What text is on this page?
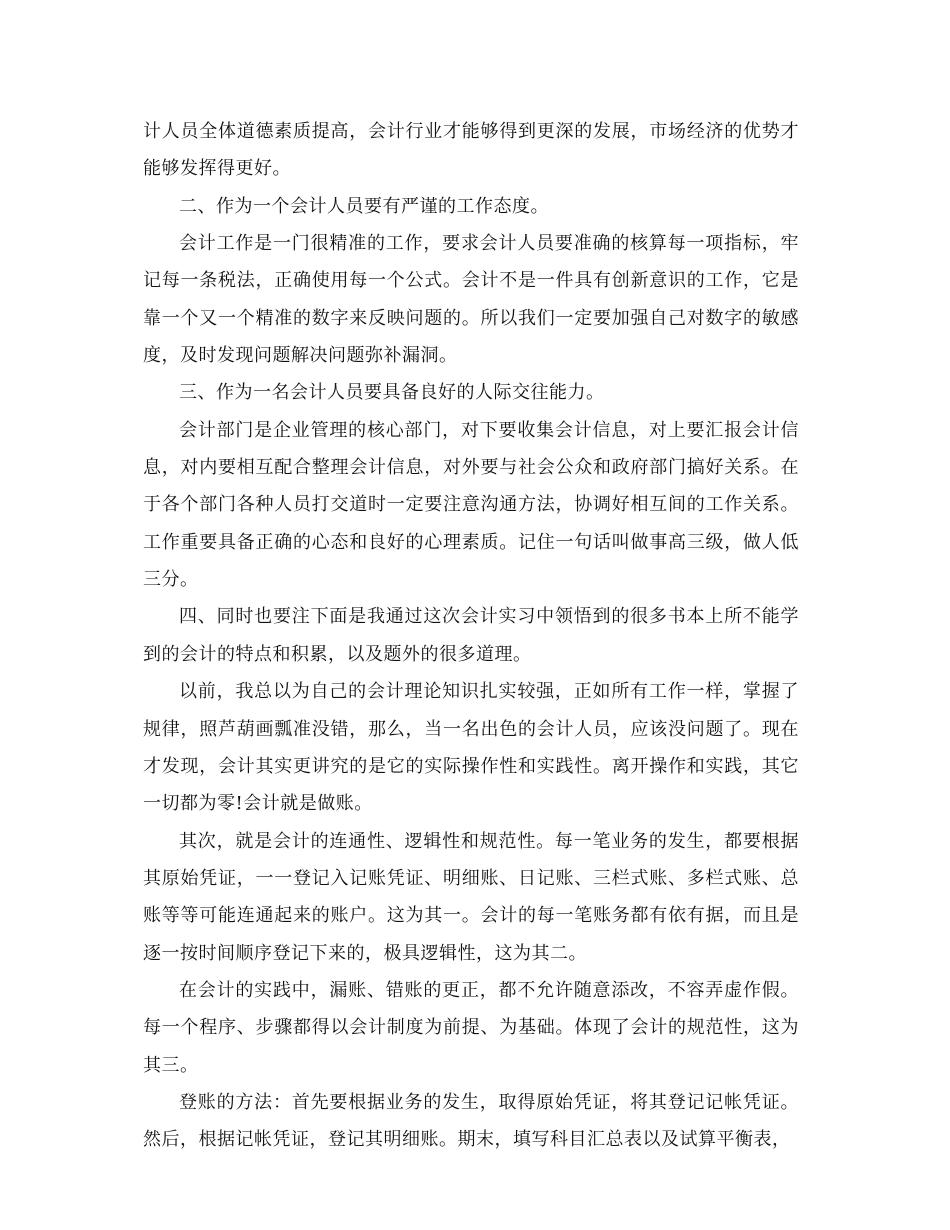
计人员全体道德素质提高，会计行业才能够得到更深的发展，市场经济的优势才能够发挥得更好。

二、作为一个会计人员要有严谨的工作态度。

会计工作是一门很精准的工作，要求会计人员要准确的核算每一项指标，牢记每一条税法，正确使用每一个公式。会计不是一件具有创新意识的工作，它是靠一个又一个精准的数字来反映问题的。所以我们一定要加强自己对数字的敏感度，及时发现问题解决问题弥补漏洞。

三、作为一名会计人员要具备良好的人际交往能力。

会计部门是企业管理的核心部门，对下要收集会计信息，对上要汇报会计信息，对内要相互配合整理会计信息，对外要与社会公众和政府部门搞好关系。在于各个部门各种人员打交道时一定要注意沟通方法，协调好相互间的工作关系。工作重要具备正确的心态和良好的心理素质。记住一句话叫做事高三级，做人低三分。

四、同时也要注下面是我通过这次会计实习中领悟到的很多书本上所不能学到的会计的特点和积累，以及题外的很多道理。

以前，我总以为自己的会计理论知识扎实较强，正如所有工作一样，掌握了规律，照芦葫画瓢准没错，那么，当一名出色的会计人员，应该没问题了。现在才发现，会计其实更讲究的是它的实际操作性和实践性。离开操作和实践，其它一切都为零!会计就是做账。

其次，就是会计的连通性、逻辑性和规范性。每一笔业务的发生，都要根据其原始凭证，一一登记入记账凭证、明细账、日记账、三栏式账、多栏式账、总账等等可能连通起来的账户。这为其一。会计的每一笔账务都有依有据，而且是逐一按时间顺序登记下来的，极具逻辑性，这为其二。

在会计的实践中，漏账、错账的更正，都不允许随意添改，不容弄虚作假。每一个程序、步骤都得以会计制度为前提、为基础。体现了会计的规范性，这为其三。

登账的方法：首先要根据业务的发生，取得原始凭证，将其登记记帐凭证。然后，根据记帐凭证，登记其明细账。期末，填写科目汇总表以及试算平衡表，
